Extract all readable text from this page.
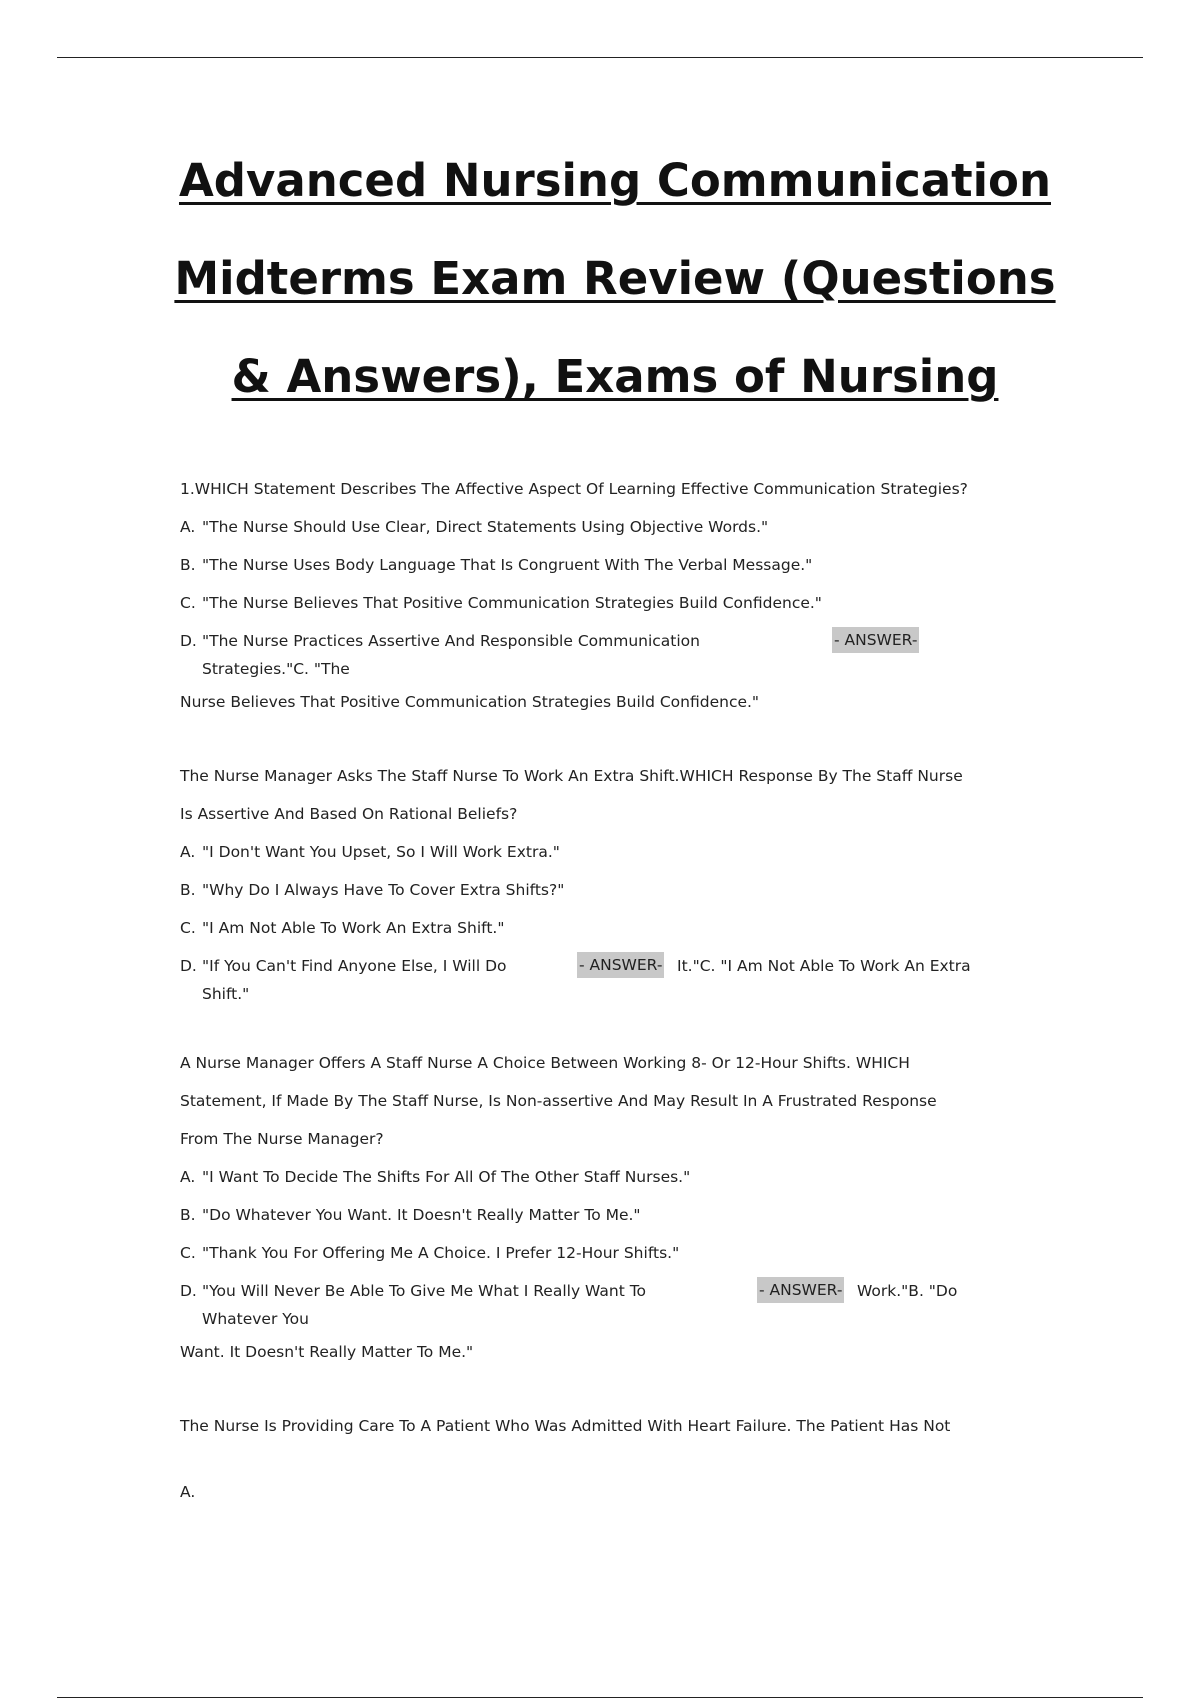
Advanced Nursing Communication
Midterms Exam Review (Questions
& Answers), Exams of Nursing
1.WHICH Statement Describes The Affective Aspect Of Learning Effective Communication Strategies?
A. "The Nurse Should Use Clear, Direct Statements Using Objective Words."
B. "The Nurse Uses Body Language That Is Congruent With The Verbal Message."
C. "The Nurse Believes That Positive Communication Strategies Build Confidence."
D. "The Nurse Practices Assertive And Responsible Communication	- ANSWER-
Strategies."C. "The
Nurse Believes That Positive Communication Strategies Build Confidence."
The Nurse Manager Asks The Staff Nurse To Work An Extra Shift.WHICH Response By The Staff Nurse
Is Assertive And Based On Rational Beliefs?
A. "I Don't Want You Upset, So I Will Work Extra."
B. "Why Do I Always Have To Cover Extra Shifts?"
C. "I Am Not Able To Work An Extra Shift."
D. "If You Can't Find Anyone Else, I Will Do	- ANSWER- It."C. "I Am Not Able To Work An Extra
Shift."
A Nurse Manager Offers A Staff Nurse A Choice Between Working 8- Or 12-Hour Shifts. WHICH
Statement, If Made By The Staff Nurse, Is Non-assertive And May Result In A Frustrated Response
From The Nurse Manager?
A. "I Want To Decide The Shifts For All Of The Other Staff Nurses."
B. "Do Whatever You Want. It Doesn't Really Matter To Me."
C. "Thank You For Offering Me A Choice. I Prefer 12-Hour Shifts."
D. "You Will Never Be Able To Give Me What I Really Want To	- ANSWER- Work."B. "Do
Whatever You
Want. It Doesn't Really Matter To Me."
The Nurse Is Providing Care To A Patient Who Was Admitted With Heart Failure. The Patient Has Not
A.
